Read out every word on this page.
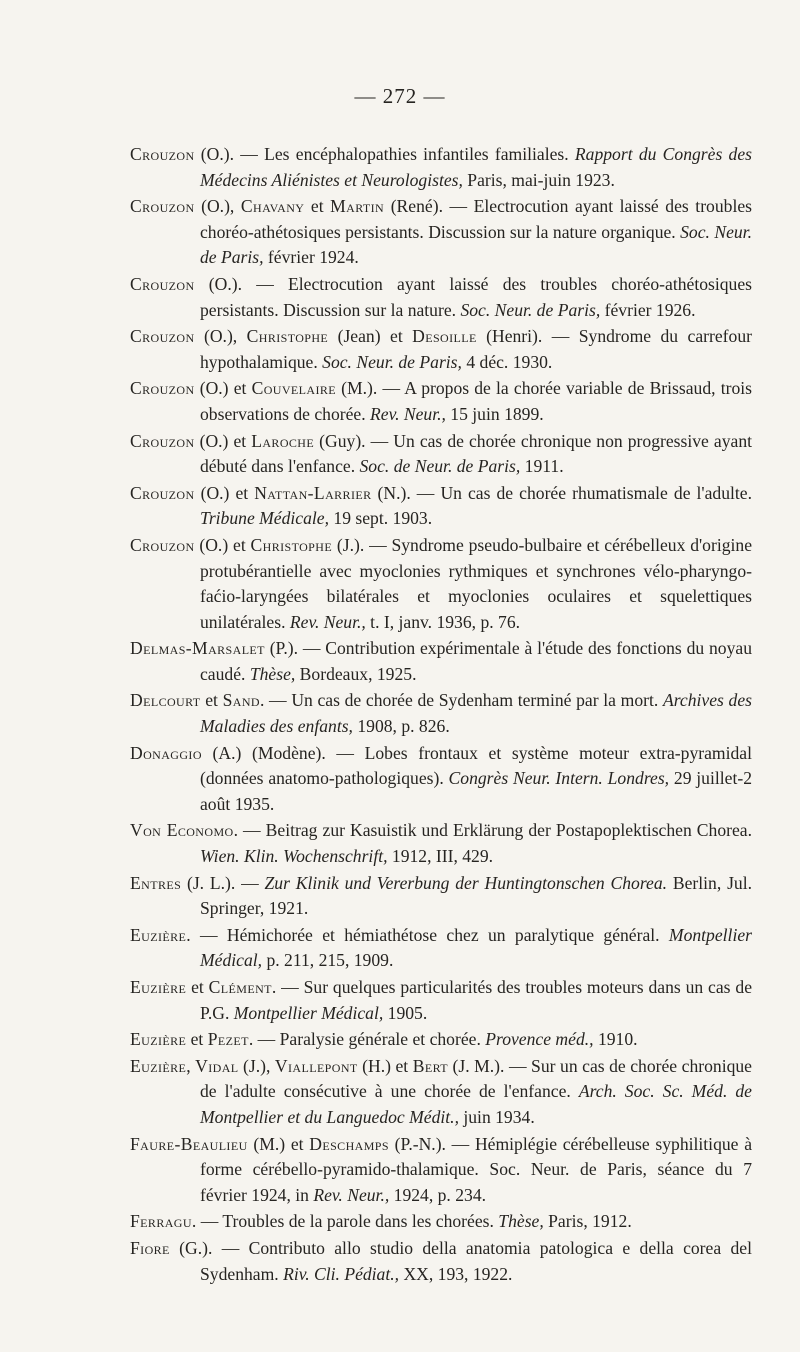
— 272 —

Crouzon (O.). — Les encéphalopathies infantiles familiales. Rapport du Congrès des Médecins Aliénistes et Neurologistes, Paris, mai-juin 1923.

Crouzon (O.), Chavany et Martin (René). — Electrocution ayant laissé des troubles choréo-athétosiques persistants. Discussion sur la nature organique. Soc. Neur. de Paris, février 1924.

Crouzon (O.). — Electrocution ayant laissé des troubles choréo-athétosiques persistants. Discussion sur la nature. Soc. Neur. de Paris, février 1926.

Crouzon (O.), Christophe (Jean) et Desoille (Henri). — Syndrome du carrefour hypothalamique. Soc. Neur. de Paris, 4 déc. 1930.

Crouzon (O.) et Couvelaire (M.). — A propos de la chorée variable de Brissaud, trois observations de chorée. Rev. Neur., 15 juin 1899.

Crouzon (O.) et Laroche (Guy). — Un cas de chorée chronique non progressive ayant débuté dans l'enfance. Soc. de Neur. de Paris, 1911.

Crouzon (O.) et Nattan-Larrier (N.). — Un cas de chorée rhumatismale de l'adulte. Tribune Médicale, 19 sept. 1903.

Crouzon (O.) et Christophe (J.). — Syndrome pseudo-bulbaire et cérébelleux d'origine protubérantielle avec myoclonies rythmiques et synchrones vélo-pharyngo-faćio-laryngées bilatérales et myoclonies oculaires et squelettiques unilatérales. Rev. Neur., t. I, janv. 1936, p. 76.

Delmas-Marsalet (P.). — Contribution expérimentale à l'étude des fonctions du noyau caudé. Thèse, Bordeaux, 1925.

Delcourt et Sand. — Un cas de chorée de Sydenham terminé par la mort. Archives des Maladies des enfants, 1908, p. 826.

Donaggio (A.) (Modène). — Lobes frontaux et système moteur extra-pyramidal (données anatomo-pathologiques). Congrès Neur. Intern. Londres, 29 juillet-2 août 1935.

Von Economo. — Beitrag zur Kasuistik und Erklärung der Postapoplektischen Chorea. Wien. Klin. Wochenschrift, 1912, III, 429.

Entres (J. L.). — Zur Klinik und Vererbung der Huntingtonschen Chorea. Berlin, Jul. Springer, 1921.

Euzière. — Hémichorée et hémiathétose chez un paralytique général. Montpellier Médical, p. 211, 215, 1909.

Euzière et Clément. — Sur quelques particularités des troubles moteurs dans un cas de P.G. Montpellier Médical, 1905.

Euzière et Pezet. — Paralysie générale et chorée. Provence méd., 1910.

Euzière, Vidal (J.), Viallepont (H.) et Bert (J. M.). — Sur un cas de chorée chronique de l'adulte consécutive à une chorée de l'enfance. Arch. Soc. Sc. Méd. de Montpellier et du Languedoc Médit., juin 1934.

Faure-Beaulieu (M.) et Deschamps (P.-N.). — Hémiplégie cérébelleuse syphilitique à forme cérébello-pyramido-thalamique. Soc. Neur. de Paris, séance du 7 février 1924, in Rev. Neur., 1924, p. 234.

Ferragu. — Troubles de la parole dans les chorées. Thèse, Paris, 1912.

Fiore (G.). — Contributo allo studio della anatomia patologica e della corea del Sydenham. Riv. Cli. Pédiat., XX, 193, 1922.
